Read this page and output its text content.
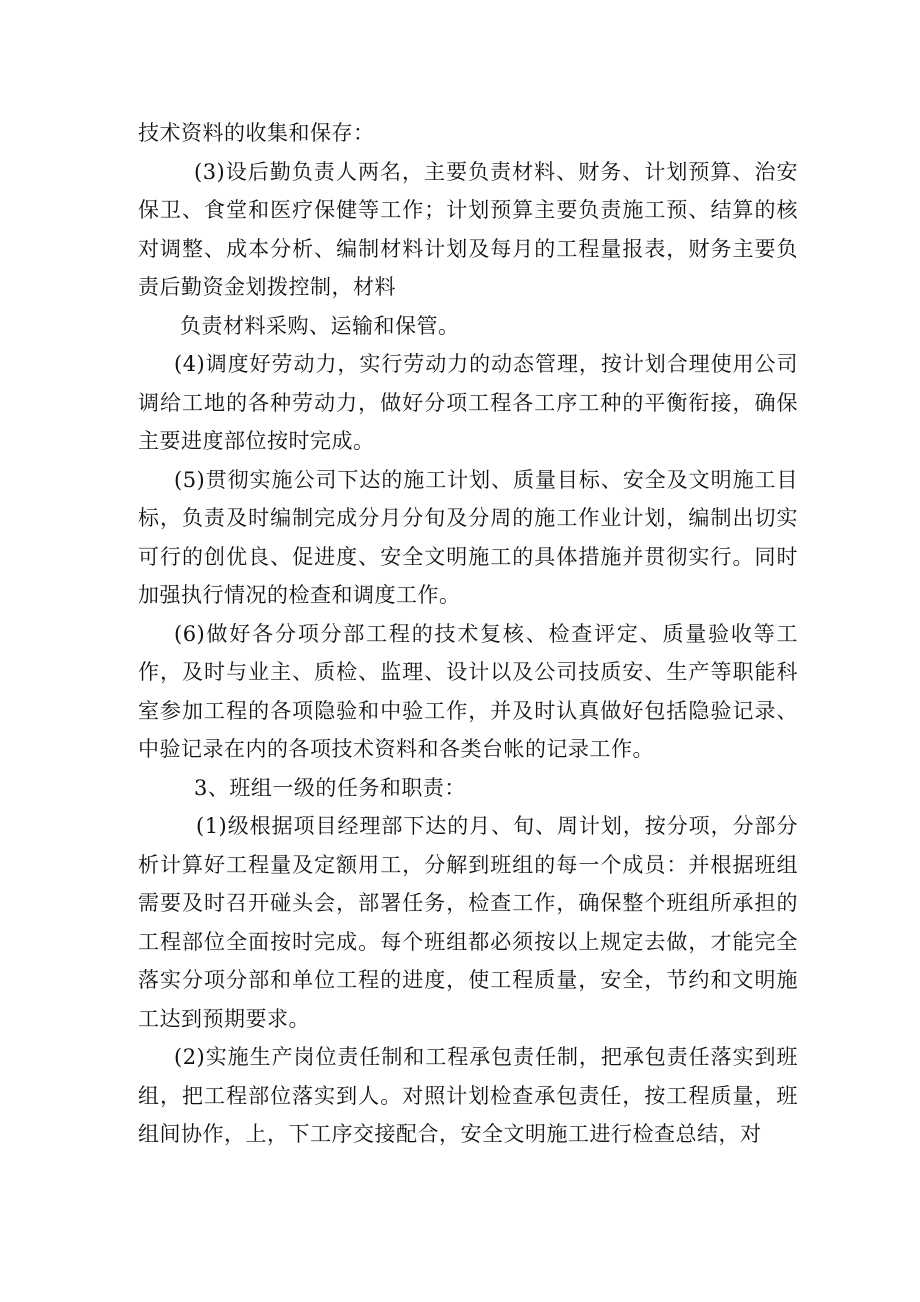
技术资料的收集和保存：

(3)设后勤负责人两名，主要负责材料、财务、计划预算、治安保卫、食堂和医疗保健等工作；计划预算主要负责施工预、结算的核对调整、成本分析、编制材料计划及每月的工程量报表，财务主要负责后勤资金划拨控制，材料

负责材料采购、运输和保管。

(4)调度好劳动力，实行劳动力的动态管理，按计划合理使用公司调给工地的各种劳动力，做好分项工程各工序工种的平衡衔接，确保主要进度部位按时完成。

(5)贯彻实施公司下达的施工计划、质量目标、安全及文明施工目标，负责及时编制完成分月分旬及分周的施工作业计划，编制出切实可行的创优良、促进度、安全文明施工的具体措施并贯彻实行。同时加强执行情况的检查和调度工作。

(6)做好各分项分部工程的技术复核、检查评定、质量验收等工作，及时与业主、质检、监理、设计以及公司技质安、生产等职能科室参加工程的各项隐验和中验工作，并及时认真做好包括隐验记录、中验记录在内的各项技术资料和各类台帐的记录工作。

3、班组一级的任务和职责：

(1)级根据项目经理部下达的月、旬、周计划，按分项，分部分析计算好工程量及定额用工，分解到班组的每一个成员：并根据班组需要及时召开碰头会，部署任务，检查工作，确保整个班组所承担的工程部位全面按时完成。每个班组都必须按以上规定去做，才能完全落实分项分部和单位工程的进度，使工程质量，安全，节约和文明施工达到预期要求。

(2)实施生产岗位责任制和工程承包责任制，把承包责任落实到班组，把工程部位落实到人。对照计划检查承包责任，按工程质量，班组间协作，上，下工序交接配合，安全文明施工进行检查总结，对
